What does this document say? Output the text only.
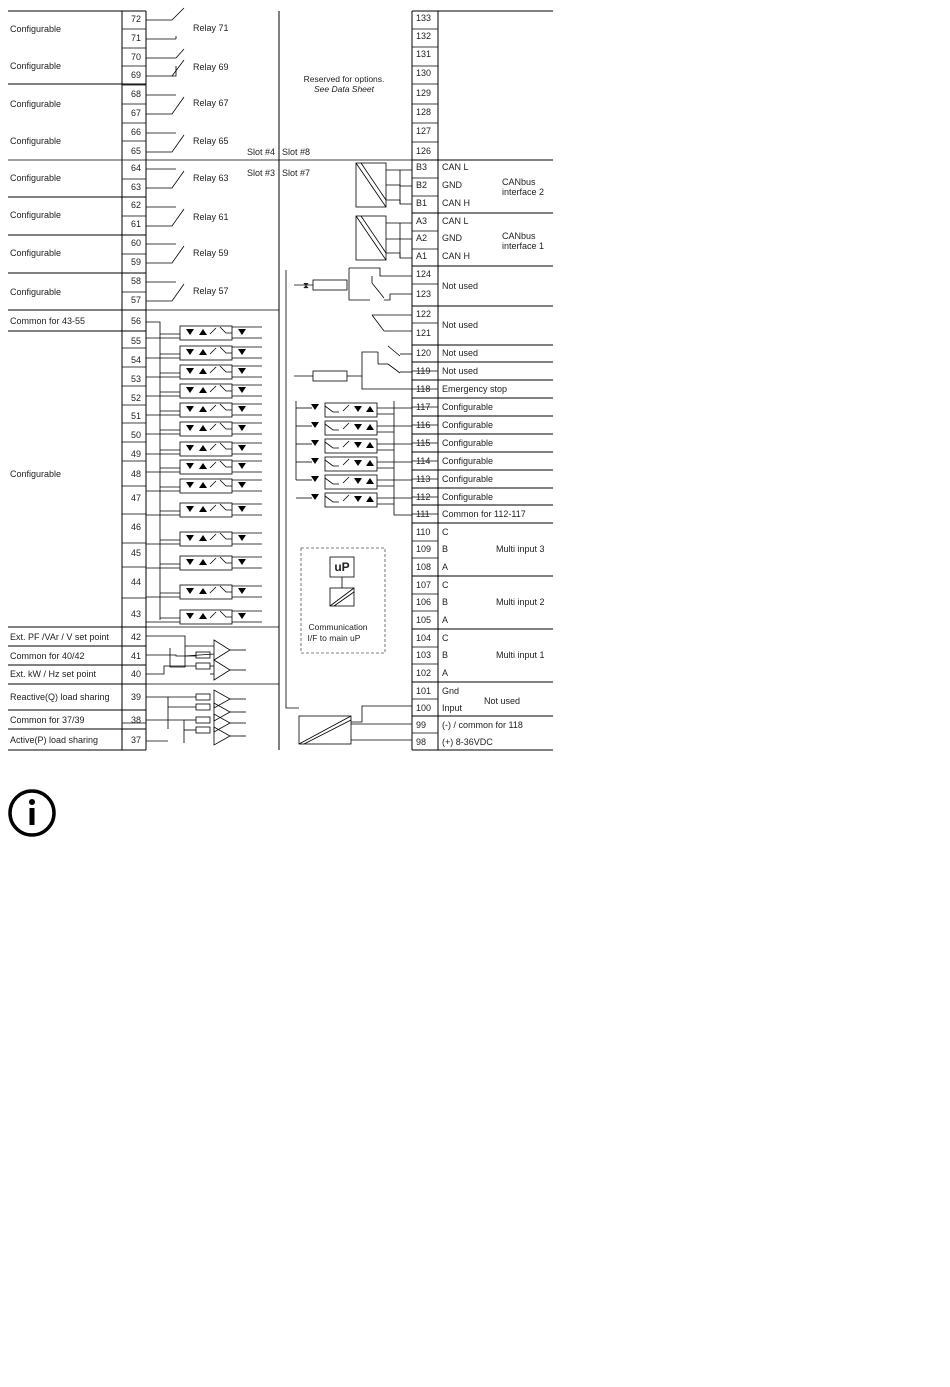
72
71
70
69
68
67
66
65
64
63
62
61
60
59
58
57
56
55
54
53
52
51
50
49
48
47
46
45
44
43
42
41
40
39
38
37
Configurable
Configurable
Configurable
Configurable
Configurable
Configurable
Configurable
Configurable
Common for 43-55
Configurable
Ext. PF /VAr / V set point
Common for 40/42
Ext. kW / Hz set point
Reactive(Q) load sharing
Common for 37/39
Active(P) load sharing
Relay 71
Relay 69
Relay 67
Relay 65
Relay 63
Relay 61
Relay 59
Relay 57
Slot #4 Slot #8
Slot #3 Slot #7
Reserved for options.
See Data Sheet
⧗
uP
Communication
I/F to main uP
133
132
131
130
129
128
127
126
B3
B2
B1
A3
A2
A1
124
123
122
121
120
119
118
117
116
115
114
113
112
111
110
109
108
107
106
105
104
103
102
101
100
99
98
CAN L
GND
CAN H
CANbus
interface 2
CAN L
GND
CAN H
CANbus
interface 1
Not used
Not used
Not used
Not used
Emergency stop
Configurable
Configurable
Configurable
Configurable
Configurable
Configurable
Common for 112-117
C
B
A
Multi input 3
C
B
A
Multi input 2
C
B
A
Multi input 1
Gnd
Input
Not used
(-) / common for 118
(+) 8-36VDC
